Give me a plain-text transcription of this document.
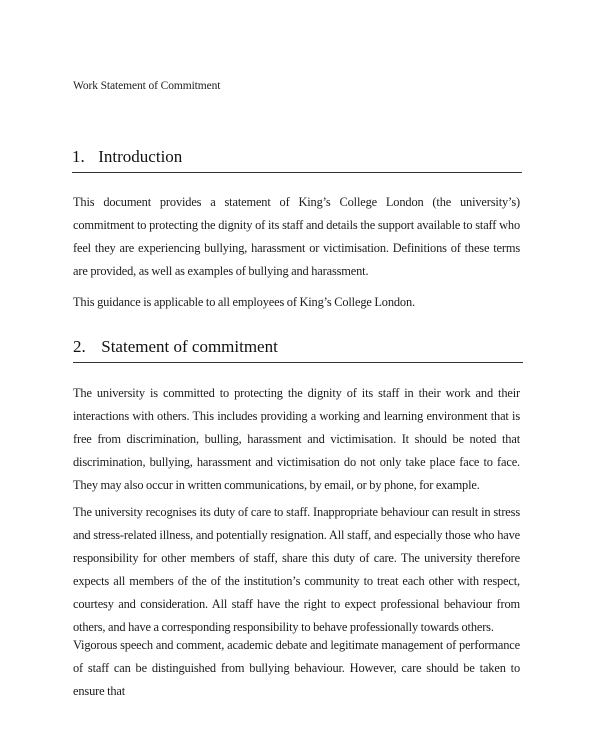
Work Statement of Commitment
1. Introduction

This document provides a statement of King’s College London (the university’s) commitment to protecting the dignity of its staff and details the support available to staff who feel they are experiencing bullying, harassment or victimisation. Definitions of these terms are provided, as well as examples of bullying and harassment.

This guidance is applicable to all employees of King’s College London.

2. Statement of commitment

The university is committed to protecting the dignity of its staff in their work and their interactions with others. This includes providing a working and learning environment that is free from discrimination, bulling, harassment and victimisation. It should be noted that discrimination, bullying, harassment and victimisation do not only take place face to face. They may also occur in written communications, by email, or by phone, for example.

The university recognises its duty of care to staff. Inappropriate behaviour can result in stress and stress-related illness, and potentially resignation. All staff, and especially those who have responsibility for other members of staff, share this duty of care. The university therefore expects all members of the of the institution’s community to treat each other with respect, courtesy and consideration. All staff have the right to expect professional behaviour from others, and have a corresponding responsibility to behave professionally towards others.

Vigorous speech and comment, academic debate and legitimate management of performance of staff can be distinguished from bullying behaviour. However, care should be taken to ensure that
